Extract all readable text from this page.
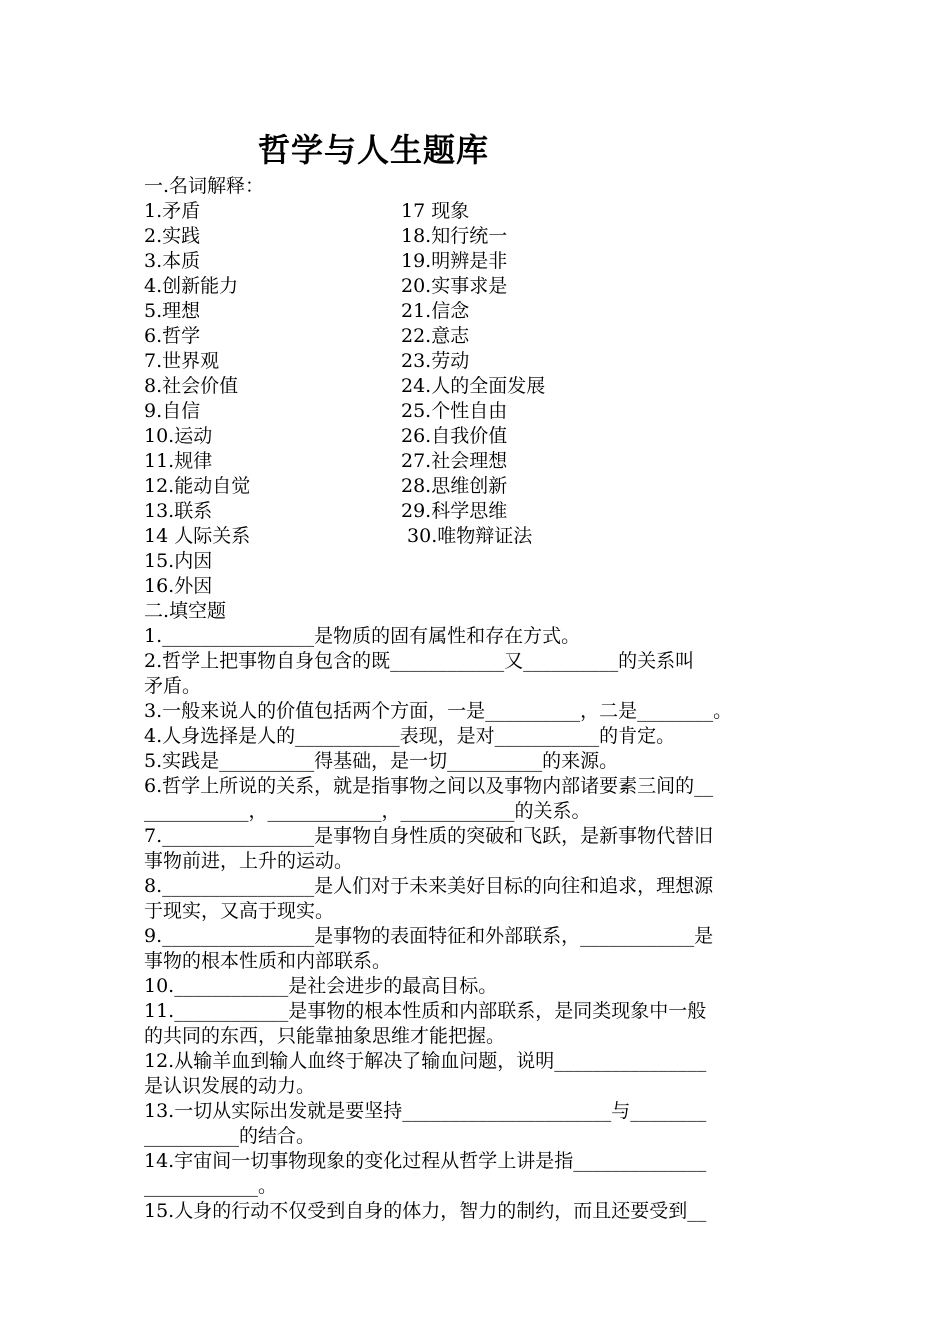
哲学与人生题库
一.名词解释：
1.矛盾
2.实践
3.本质
4.创新能力
5.理想
6.哲学
7.世界观
8.社会价值
9.自信
10.运动
11.规律
12.能动自觉
13.联系
14 人际关系
15.内因
16.外因
17 现象
18.知行统一
19.明辨是非
20.实事求是
21.信念
22.意志
23.劳动
24.人的全面发展
25.个性自由
26.自我价值
27.社会理想
28.思维创新
29.科学思维
30.唯物辩证法
二.填空题
1.________________是物质的固有属性和存在方式。
2.哲学上把事物自身包含的既____________又__________的关系叫
矛盾。
3.一般来说人的价值包括两个方面，一是__________，二是________。
4.人身选择是人的___________表现，是对___________的肯定。
5.实践是__________得基础，是一切__________的来源。
6.哲学上所说的关系，就是指事物之间以及事物内部诸要素三间的__
___________，____________，____________的关系。
7.________________是事物自身性质的突破和飞跃，是新事物代替旧
事物前进，上升的运动。
8.________________是人们对于未来美好目标的向往和追求，理想源
于现实，又高于现实。
9.________________是事物的表面特征和外部联系，____________是
事物的根本性质和内部联系。
10.____________是社会进步的最高目标。
11.____________是事物的根本性质和内部联系，是同类现象中一般
的共同的东西，只能靠抽象思维才能把握。
12.从输羊血到输人血终于解决了输血问题，说明________________
是认识发展的动力。
13.一切从实际出发就是要坚持______________________与________
__________的结合。
14.宇宙间一切事物现象的变化过程从哲学上讲是指______________
____________。
15.人身的行动不仅受到自身的体力，智力的制约，而且还要受到__
